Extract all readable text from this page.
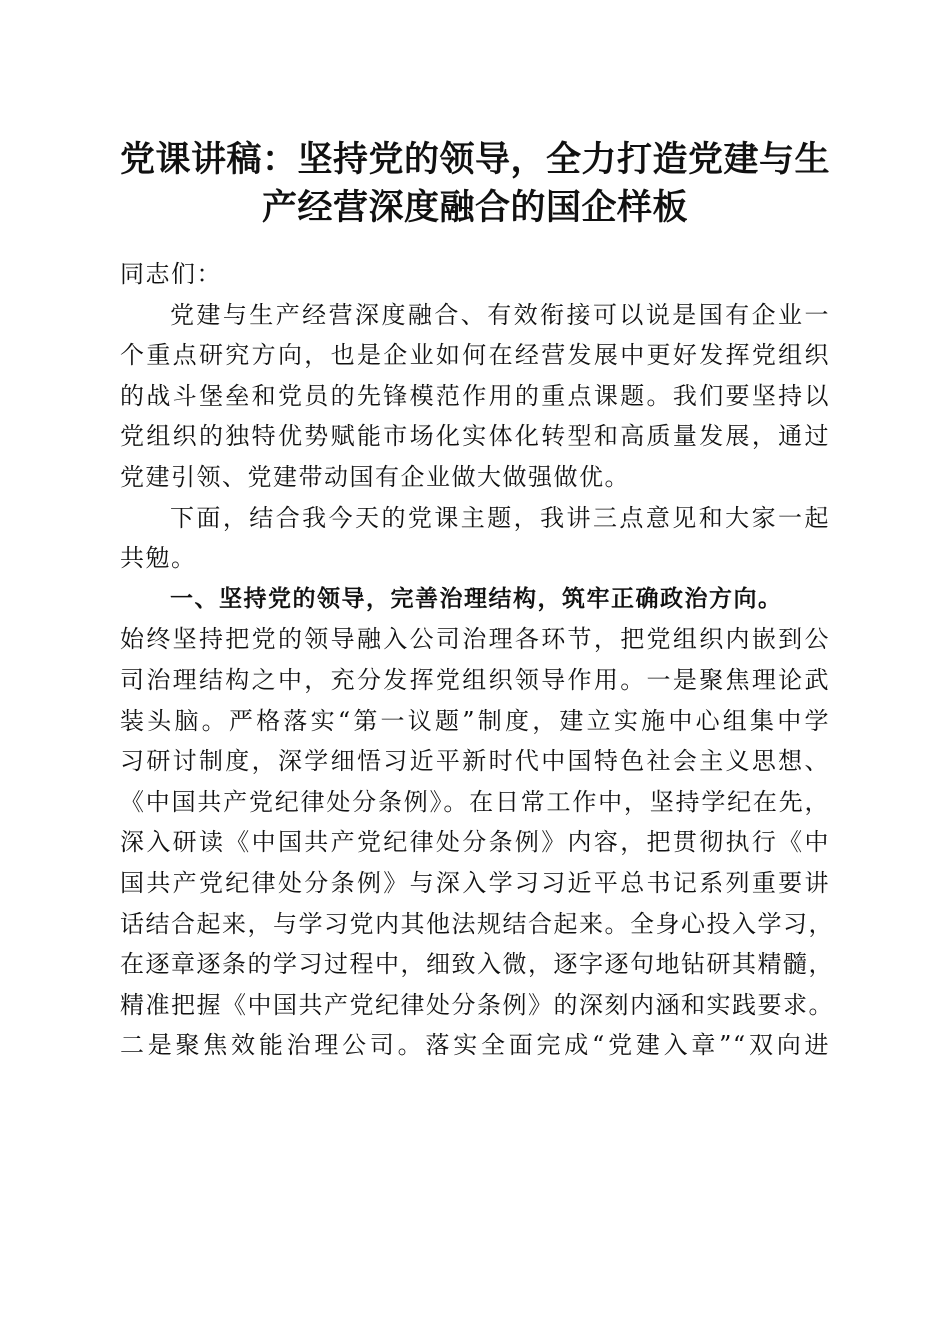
党课讲稿：坚持党的领导，全力打造党建与生
产经营深度融合的国企样板
同志们：
党建与生产经营深度融合、有效衔接可以说是国有企业一
个重点研究方向，也是企业如何在经营发展中更好发挥党组织
的战斗堡垒和党员的先锋模范作用的重点课题。我们要坚持以
党组织的独特优势赋能市场化实体化转型和高质量发展，通过
党建引领、党建带动国有企业做大做强做优。
下面，结合我今天的党课主题，我讲三点意见和大家一起
共勉。
一、坚持党的领导，完善治理结构，筑牢正确政治方向。
始终坚持把党的领导融入公司治理各环节，把党组织内嵌到公
司治理结构之中，充分发挥党组织领导作用。一是聚焦理论武
装头脑。严格落实“第一议题”制度，建立实施中心组集中学
习研讨制度，深学细悟习近平新时代中国特色社会主义思想、
《中国共产党纪律处分条例》。在日常工作中，坚持学纪在先，
深入研读《中国共产党纪律处分条例》内容，把贯彻执行《中
国共产党纪律处分条例》与深入学习习近平总书记系列重要讲
话结合起来，与学习党内其他法规结合起来。全身心投入学习，
在逐章逐条的学习过程中，细致入微，逐字逐句地钻研其精髓，
精准把握《中国共产党纪律处分条例》的深刻内涵和实践要求。
二是聚焦效能治理公司。落实全面完成“党建入章”“双向进
